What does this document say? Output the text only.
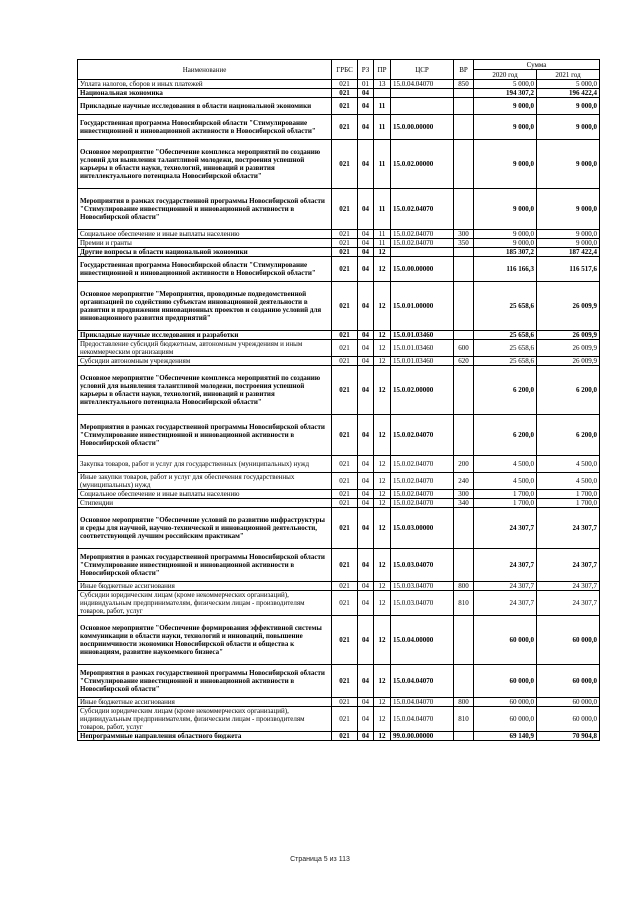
Наименование	ГРБС	РЗ	ПР	ЦСР	ВР	Сумма	
						2020 год	2021 год
Уплата налогов, сборов и иных платежей	021	01	13	15.0.04.04070	850	5 000,0	5 000,0
Национальная экономика	021	04				194 307,2	196 422,4
Прикладные научные исследования в области национальной экономики	021	04	11			9 000,0	9 000,0
Государственная программа Новосибирской области "Стимулирование инвестиционной и инновационной активности в Новосибирской области"	021	04	11	15.0.00.00000		9 000,0	9 000,0
Основное мероприятие "Обеспечение комплекса мероприятий по созданию условий для выявления талантливой молодежи, построения успешной карьеры в области науки, технологий, инноваций и развития интеллектуального потенциала Новосибирской области"	021	04	11	15.0.02.00000		9 000,0	9 000,0
Мероприятия в рамках государственной программы Новосибирской области "Стимулирование инвестиционной и инновационной активности в Новосибирской области"	021	04	11	15.0.02.04070		9 000,0	9 000,0
Социальное обеспечение и иные выплаты населению	021	04	11	15.0.02.04070	300	9 000,0	9 000,0
Премии и гранты	021	04	11	15.0.02.04070	350	9 000,0	9 000,0
Другие вопросы в области национальной экономики	021	04	12			185 307,2	187 422,4
Государственная программа Новосибирской области "Стимулирование инвестиционной и инновационной активности в Новосибирской области"	021	04	12	15.0.00.00000		116 166,3	116 517,6
Основное мероприятие "Мероприятия, проводимые подведомственной организацией по содействию субъектам инновационной деятельности в развитии и продвижении инновационных проектов и созданию условий для инновационного развития предприятий"	021	04	12	15.0.01.00000		25 658,6	26 009,9
Прикладные научные исследования и разработки	021	04	12	15.0.01.03460		25 658,6	26 009,9
Предоставление субсидий бюджетным, автономным учреждениям и иным некоммерческим организациям	021	04	12	15.0.01.03460	600	25 658,6	26 009,9
Субсидии автономным учреждениям	021	04	12	15.0.01.03460	620	25 658,6	26 009,9
Основное мероприятие "Обеспечение комплекса мероприятий по созданию условий для выявления талантливой молодежи, построения успешной карьеры в области науки, технологий, инноваций и развития интеллектуального потенциала Новосибирской области"	021	04	12	15.0.02.00000		6 200,0	6 200,0
Мероприятия в рамках государственной программы Новосибирской области "Стимулирование инвестиционной и инновационной активности в Новосибирской области"	021	04	12	15.0.02.04070		6 200,0	6 200,0
Закупка товаров, работ и услуг для государственных (муниципальных) нужд	021	04	12	15.0.02.04070	200	4 500,0	4 500,0
Иные закупки товаров, работ и услуг для обеспечения государственных (муниципальных) нужд	021	04	12	15.0.02.04070	240	4 500,0	4 500,0
Социальное обеспечение и иные выплаты населению	021	04	12	15.0.02.04070	300	1 700,0	1 700,0
Стипендии	021	04	12	15.0.02.04070	340	1 700,0	1 700,0
Основное мероприятие "Обеспечение условий по развитию инфраструктуры и среды для научной, научно-технической и инновационной деятельности, соответствующей лучшим российским практикам"	021	04	12	15.0.03.00000		24 307,7	24 307,7
Мероприятия в рамках государственной программы Новосибирской области "Стимулирование инвестиционной и инновационной активности в Новосибирской области"	021	04	12	15.0.03.04070		24 307,7	24 307,7
Иные бюджетные ассигнования	021	04	12	15.0.03.04070	800	24 307,7	24 307,7
Субсидии юридическим лицам (кроме некоммерческих организаций), индивидуальным предпринимателям, физическим лицам - производителям товаров, работ, услуг	021	04	12	15.0.03.04070	810	24 307,7	24 307,7
Основное мероприятие "Обеспечение формирования эффективной системы коммуникации в области науки, технологий и инноваций, повышение восприимчивости экономики Новосибирской области и общества к инновациям, развитие наукоемкого бизнеса"	021	04	12	15.0.04.00000		60 000,0	60 000,0
Мероприятия в рамках государственной программы Новосибирской области "Стимулирование инвестиционной и инновационной активности в Новосибирской области"	021	04	12	15.0.04.04070		60 000,0	60 000,0
Иные бюджетные ассигнования	021	04	12	15.0.04.04070	800	60 000,0	60 000,0
Субсидии юридическим лицам (кроме некоммерческих организаций), индивидуальным предпринимателям, физическим лицам - производителям товаров, работ, услуг	021	04	12	15.0.04.04070	810	60 000,0	60 000,0
Непрограммные направления областного бюджета	021	04	12	99.0.00.00000		69 140,9	70 904,8
Страница 5 из 113
